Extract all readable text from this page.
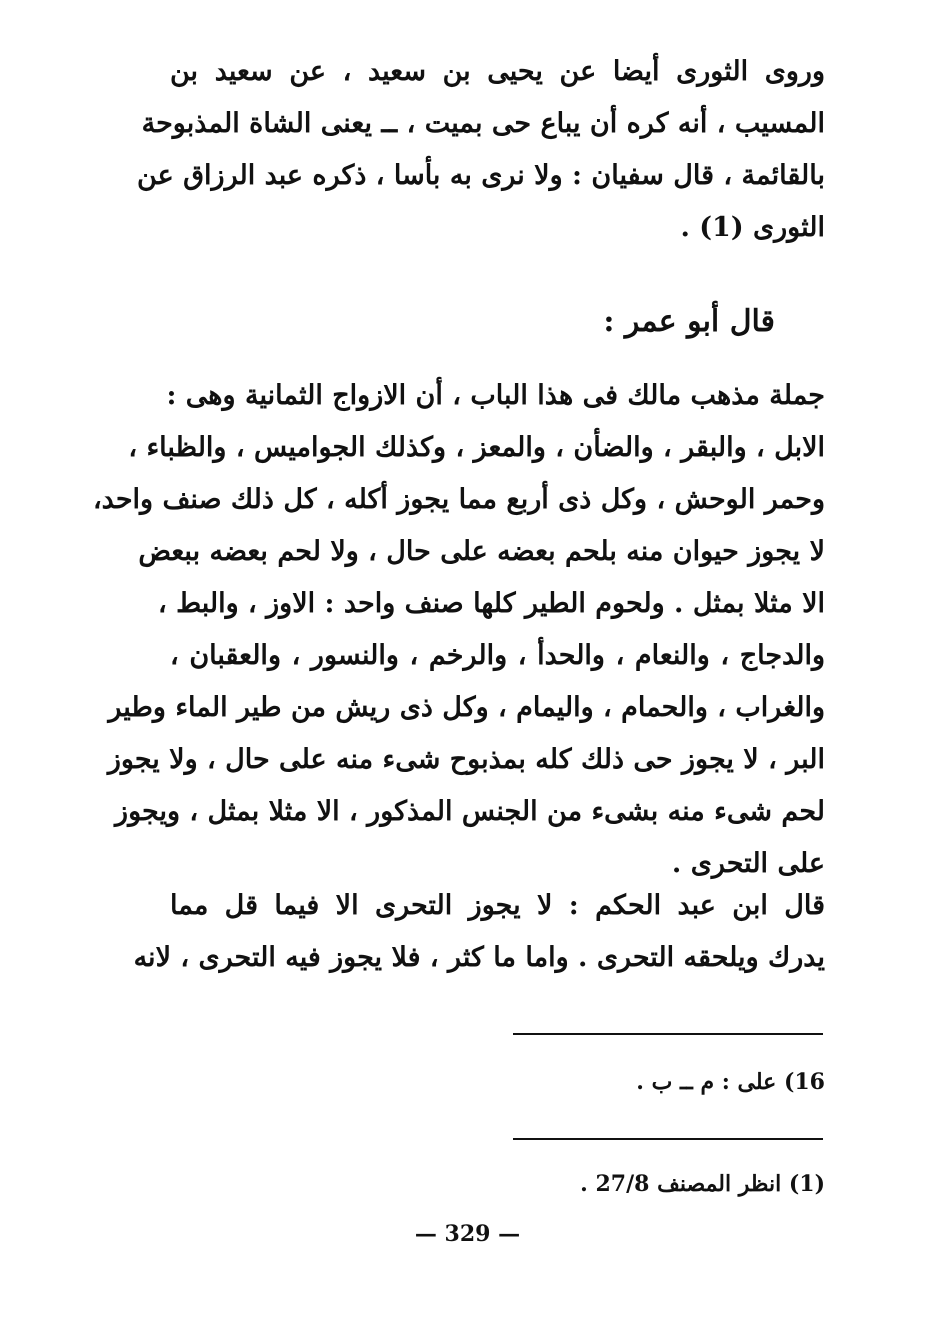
وروى الثورى أيضا عن يحيى بن سعيد ، عن سعيد بن
المسيب ، أنه كره أن يباع حى بميت ، ــ يعنى الشاة المذبوحة
بالقائمة ، قال سفيان : ولا نرى به بأسا ، ذكره عبد الرزاق عن
الثورى (1) .
قال أبو عمر :
جملة مذهب مالك فى هذا الباب ، أن الازواج الثمانية وهى :
الابل ، والبقر ، والضأن ، والمعز ، وكذلك الجواميس ، والظباء ،
وحمر الوحش ، وكل ذى أربع مما يجوز أكله ، كل ذلك صنف واحد،
لا يجوز حيوان منه بلحم بعضه على حال ، ولا لحم بعضه ببعض
الا مثلا بمثل . ولحوم الطير كلها صنف واحد : الاوز ، والبط ،
والدجاج ، والنعام ، والحدأ ، والرخم ، والنسور ، والعقبان ،
والغراب ، والحمام ، واليمام ، وكل ذى ريش من طير الماء وطير
البر ، لا يجوز حى ذلك كله بمذبوح شىء منه على حال ، ولا يجوز
لحم شىء منه بشىء من الجنس المذكور ، الا مثلا بمثل ، ويجوز
على التحرى .
قال ابن عبد الحكم : لا يجوز التحرى الا فيما قل مما
يدرك ويلحقه التحرى . واما ما كثر ، فلا يجوز فيه التحرى ، لانه
16) على : م ــ ب .
(1) انظر المصنف 27/8 .
— 329 —
